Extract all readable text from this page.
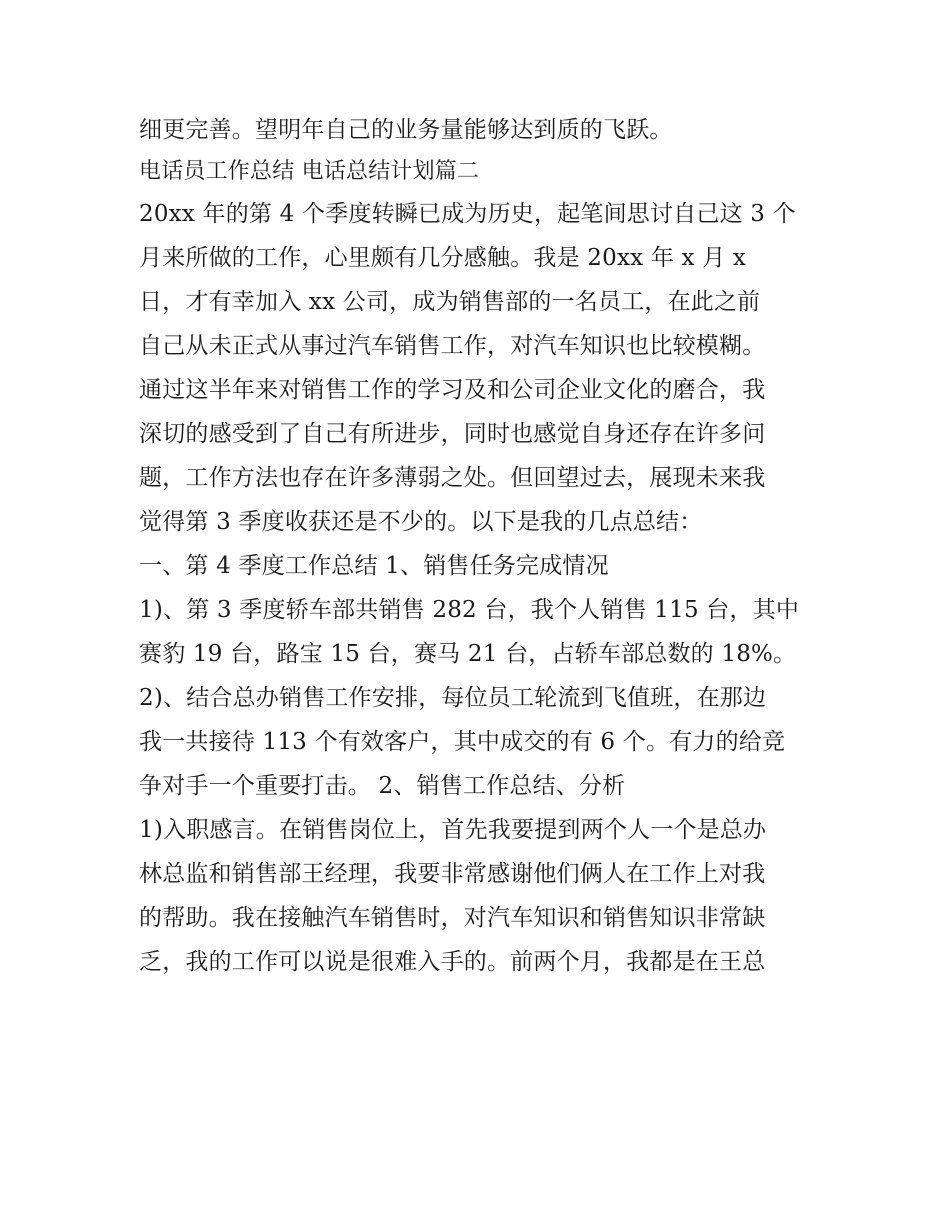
细更完善。望明年自己的业务量能够达到质的飞跃。
电话员工作总结 电话总结计划篇二
20xx 年的第 4 个季度转瞬已成为历史，起笔间思讨自己这 3 个
月来所做的工作，心里颇有几分感触。我是 20xx 年 x 月 x
日，才有幸加入 xx 公司，成为销售部的一名员工，在此之前
自己从未正式从事过汽车销售工作，对汽车知识也比较模糊。
通过这半年来对销售工作的学习及和公司企业文化的磨合，我
深切的感受到了自己有所进步，同时也感觉自身还存在许多问
题，工作方法也存在许多薄弱之处。但回望过去，展现未来我
觉得第 3 季度收获还是不少的。以下是我的几点总结：
一、第 4 季度工作总结 1、销售任务完成情况
1)、第 3 季度轿车部共销售 282 台，我个人销售 115 台，其中
赛豹 19 台，路宝 15 台，赛马 21 台，占轿车部总数的 18%。
2)、结合总办销售工作安排，每位员工轮流到飞值班，在那边
我一共接待 113 个有效客户，其中成交的有 6 个。有力的给竞
争对手一个重要打击。 2、销售工作总结、分析
1)入职感言。在销售岗位上，首先我要提到两个人一个是总办
林总监和销售部王经理，我要非常感谢他们俩人在工作上对我
的帮助。我在接触汽车销售时，对汽车知识和销售知识非常缺
乏，我的工作可以说是很难入手的。前两个月，我都是在王总
